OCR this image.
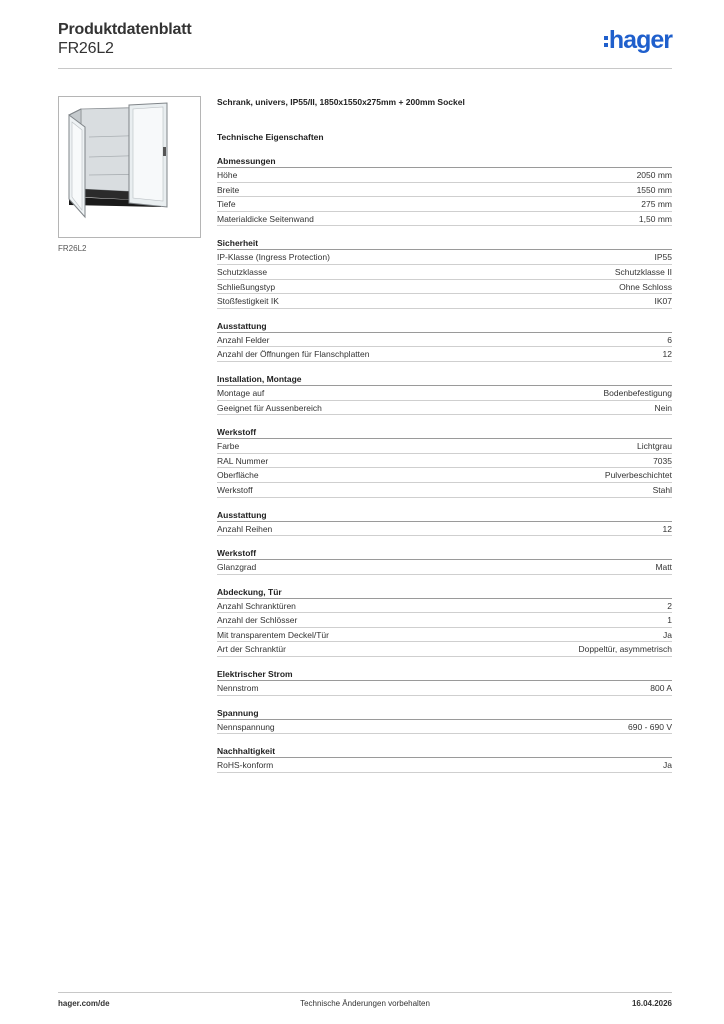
Produktdatenblatt
FR26L2	hager
FR26L2
Schrank, univers, IP55/II, 1850x1550x275mm + 200mm Sockel
Technische Eigenschaften
Abmessungen
Höhe	2050 mm
Breite	1550 mm
Tiefe	275 mm
Materialdicke Seitenwand	1,50 mm
Sicherheit
IP-Klasse (Ingress Protection)	IP55
Schutzklasse	Schutzklasse II
Schließungstyp	Ohne Schloss
Stoßfestigkeit IK	IK07
Ausstattung
Anzahl Felder	6
Anzahl der Öffnungen für Flanschplatten	12
Installation, Montage
Montage auf	Bodenbefestigung
Geeignet für Aussenbereich	Nein
Werkstoff
Farbe	Lichtgrau
RAL Nummer	7035
Oberfläche	Pulverbeschichtet
Werkstoff	Stahl
Ausstattung
Anzahl Reihen	12
Werkstoff
Glanzgrad	Matt
Abdeckung, Tür
Anzahl Schranktüren	2
Anzahl der Schlösser	1
Mit transparentem Deckel/Tür	Ja
Art der Schranktür	Doppeltür, asymmetrisch
Elektrischer Strom
Nennstrom	800 A
Spannung
Nennspannung	690 - 690 V
Nachhaltigkeit
RoHS-konform	Ja
hager.com/de	Technische Änderungen vorbehalten	16.04.2026
